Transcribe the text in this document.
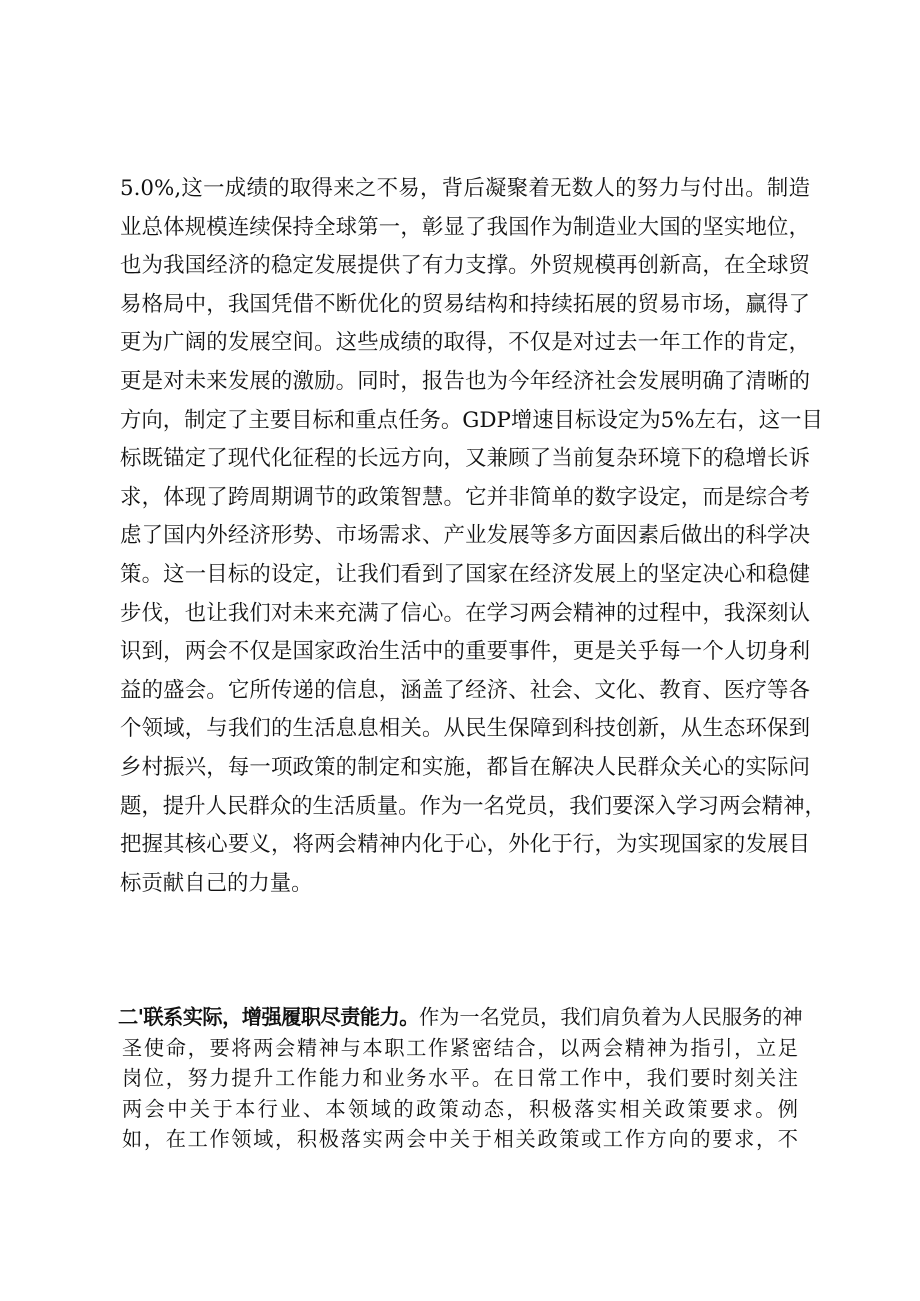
5.0%,这一成绩的取得来之不易，背后凝聚着无数人的努力与付出。制造
业总体规模连续保持全球第一，彰显了我国作为制造业大国的坚实地位，
也为我国经济的稳定发展提供了有力支撑。外贸规模再创新高，在全球贸
易格局中，我国凭借不断优化的贸易结构和持续拓展的贸易市场，赢得了
更为广阔的发展空间。这些成绩的取得，不仅是对过去一年工作的肯定，
更是对未来发展的激励。同时，报告也为今年经济社会发展明确了清晰的
方向，制定了主要目标和重点任务。GDP增速目标设定为5%左右，这一目
标既锚定了现代化征程的长远方向，又兼顾了当前复杂环境下的稳增长诉
求，体现了跨周期调节的政策智慧。它并非简单的数字设定，而是综合考
虑了国内外经济形势、市场需求、产业发展等多方面因素后做出的科学决
策。这一目标的设定，让我们看到了国家在经济发展上的坚定决心和稳健
步伐，也让我们对未来充满了信心。在学习两会精神的过程中，我深刻认
识到，两会不仅是国家政治生活中的重要事件，更是关乎每一个人切身利
益的盛会。它所传递的信息，涵盖了经济、社会、文化、教育、医疗等各
个领域，与我们的生活息息相关。从民生保障到科技创新，从生态环保到
乡村振兴，每一项政策的制定和实施，都旨在解决人民群众关心的实际问
题，提升人民群众的生活质量。作为一名党员，我们要深入学习两会精神，
把握其核心要义，将两会精神内化于心，外化于行，为实现国家的发展目
标贡献自己的力量。
二'联系实际，增强履职尽责能力。作为一名党员，我们肩负着为人民服务的神
圣使命，要将两会精神与本职工作紧密结合，以两会精神为指引，立足
岗位，努力提升工作能力和业务水平。在日常工作中，我们要时刻关注
两会中关于本行业、本领域的政策动态，积极落实相关政策要求。例
如，在工作领域，积极落实两会中关于相关政策或工作方向的要求，不
